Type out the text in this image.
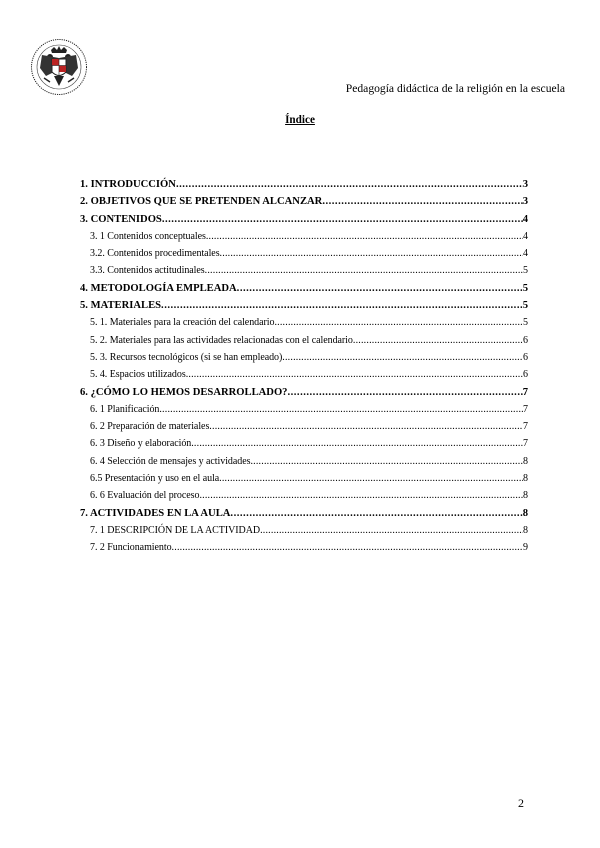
Pedagogía didáctica de la religión en la escuela
Índice
1. INTRODUCCIÓN .....	3
2. OBJETIVOS QUE SE PRETENDEN ALCANZAR .....	3
3. CONTENIDOS .....	4
3. 1 Contenidos conceptuales .....	4
3.2. Contenidos procedimentales .....	4
3.3. Contenidos actitudinales .....	5
4. METODOLOGÍA EMPLEADA .....	5
5. MATERIALES .....	5
5. 1. Materiales para la creación del calendario .....	5
5. 2. Materiales para las actividades relacionadas con el calendario .....	6
5. 3. Recursos tecnológicos (si se han empleado) .....	6
5. 4. Espacios utilizados .....	6
6. ¿CÓMO LO HEMOS DESARROLLADO? .....	7
6. 1 Planificación .....	7
6. 2 Preparación de materiales .....	7
6. 3 Diseño y elaboración .....	7
6. 4 Selección de mensajes y actividades .....	8
6.5 Presentación y uso en el aula .....	8
6. 6 Evaluación del proceso .....	8
7. ACTIVIDADES EN LA AULA .....	8
7. 1 DESCRIPCIÓN DE LA ACTIVIDAD .....	8
7. 2 Funcionamiento .....	9
2
